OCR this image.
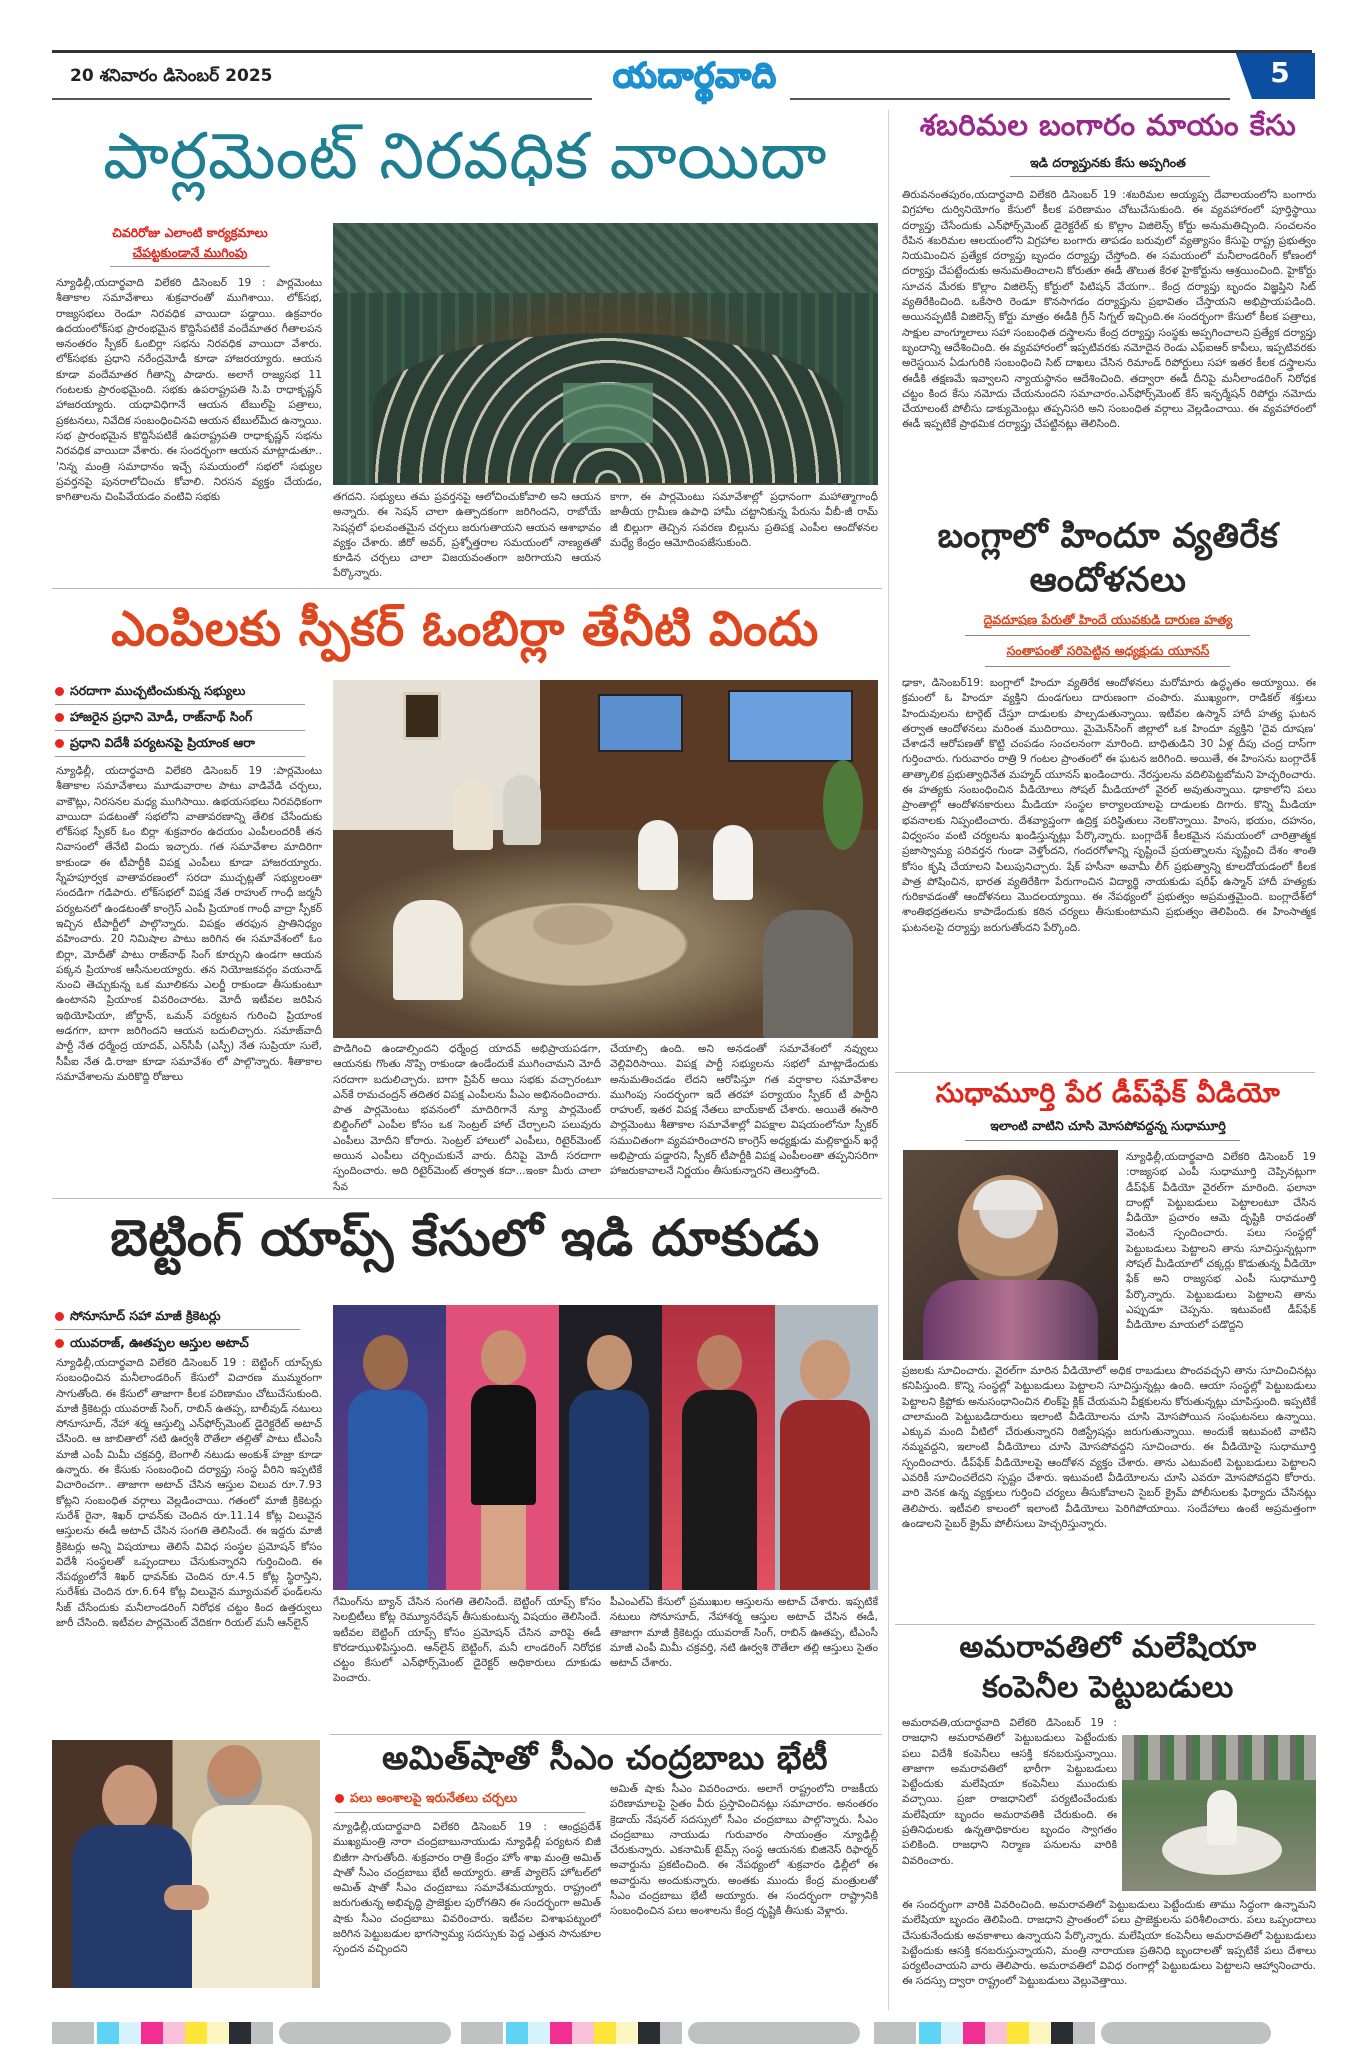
20 శనివారం డిసెంబర్ 2025	యదార్థవాది	5
పార్లమెంట్ నిరవధిక వాయిదా
చివరిరోజు ఎలాంటి కార్యక్రమాలు
చేపట్టకుండానే ముగింపు
న్యూఢిల్లీ,యదార్థవాది విలేకరి డిసెంబర్ 19 : పార్లమెంటు శీతాకాల సమావేశాలు శుక్రవారంతో ముగిశాయి. లోక్‌సభ, రాజ్యసభలు రెండూ నిరవధిక వాయిదా పడ్డాయి. ఉక్రవారం ఉదయంలోక్‌సభ ప్రారంభమైన కొద్దిసేపటికే వందేమాతర గీతాలపన అనంతరం స్పీకర్ ఓంబిర్లా సభను నిరవధిక వాయిదా వేశారు. లోక్‌సభకు ప్రధాని నరేంద్రమోడీ కూడా హాజరయ్యారు. ఆయన కూడా వందేమాతర గీతాన్ని పాడారు. అలాగే రాజ్యసభ 11 గంటలకు ప్రారంభమైంది. సభకు ఉపరాష్ట్రపతి సి.పి రాధాకృష్ణన్ హాజరయ్యారు. యధావిధిగానే ఆయన టేబుల్‌పై పత్రాలు, ప్రకటనలు, నివేదిక సంబంధించినవి ఆయన టేబుల్‌మీద ఉన్నాయి. సభ ప్రారంభమైన కొద్దిసేపటికే ఉపరాష్ట్రపతి రాధాకృష్ణన్ సభను నిరవధిక వాయిదా వేశారు. ఈ సందర్భంగా ఆయన మాట్లాడుతూ.. 'నిన్న మంత్రి సమాధానం ఇచ్చే సమయంలో సభలో సభ్యుల ప్రవర్తనపై పునరాలోచించు కోవాలి. నిరసన వ్యక్తం చేయడం, కాగితాలను చింపివేయడం వంటివి సభకు	తగదని. సభ్యులు తమ ప్రవర్తనపై ఆలోచించుకోవాలి అని ఆయన అన్నారు. ఈ సెషన్ చాలా ఉత్పాదకంగా జరిగిందని, రాబోయే సెషన్లలో ఫలవంతమైన చర్చలు జరుగుతాయని ఆయన ఆశాభావం వ్యక్తం చేశారు. జీరో అవర్, ప్రశ్నోత్తరాల సమయంలో నాణ్యతతో కూడిన చర్చలు చాలా విజయవంతంగా జరిగాయని ఆయన పేర్కొన్నారు.
కాగా, ఈ పార్లమెంటు సమావేశాల్లో ప్రధానంగా మహాత్మాగాంధీ జాతీయ గ్రామీణ ఉపాధి హామీ చట్టానికున్న పేరును వీబీ-జీ రామ్ జీ బిల్లుగా తెచ్చిన సవరణ బిల్లును ప్రతిపక్ష ఎంపీల ఆందోళనల మధ్యే కేంద్రం ఆమోదింపజేసుకుంది.
శబరిమల బంగారం మాయం కేసు
ఇడి దర్యాప్తునకు కేసు అప్పగింత
తిరువనంతపురం,యదార్థవాది విలేకరి డిసెంబర్ 19 :శబరిమల అయ్యప్ప దేవాలయంలోని బంగారు విగ్రహాల దుర్వినియోగం కేసులో కీలక పరిణామం చోటుచేసుకుంది. ఈ వ్యవహారంలో పూర్తిస్థాయి దర్యాప్తు చేసేందుకు ఎన్‌ఫోర్స్‌మెంట్ డైరెక్టరేట్ కు కొల్లాం విజిలెన్స్ కోర్టు అనుమతిచ్చింది. సంచలనం రేపిన శబరిమల ఆలయంలోని విగ్రహాల బంగారు తాపడం బరువులో వ్యత్యాసం కేసుపై రాష్ట్ర ప్రభుత్వం నియమించిన ప్రత్యేక దర్యాప్తు బృందం దర్యాప్తు చేస్తోంది. ఈ సమయంలో మనీలాండరింగ్ కోణంలో దర్యాప్తు చేపట్టేందుకు అనుమతించాలని కోరుతూ ఈడీ తొలుత కేరళ హైకోర్టును ఆశ్రయించింది. హైకోర్టు సూచన మేరకు కొల్లాం విజిలెన్స్ కోర్టులో పిటిషన్ వేయగా.. కేంద్ర దర్యాప్తు బృందం విజ్ఞప్తిని సిట్ వ్యతిరేకించింది. ఒకేసారి రెండూ కొనసాగడం దర్యాప్తును ప్రభావితం చేస్తాయని అభిప్రాయపడింది. అయినప్పటికీ విజిలెన్స్ కోర్టు మాత్రం ఈడీకి గ్రీన్ సిగ్నల్ ఇచ్చింది.ఈ సందర్భంగా కేసులో కీలక పత్రాలు, సాక్షుల వాంగ్మూలాలు సహా సంబంధిత దస్త్రాలను కేంద్ర దర్యాప్తు సంస్థకు అప్పగించాలని ప్రత్యేక దర్యాప్తు బృందాన్ని ఆదేశించింది. ఈ వ్యవహారంలో ఇప్పటివరకు నమోదైన రెండు ఎఫ్ఐఆర్ కాపీలు, ఇప్పటివరకు అరెస్టయిన ఏడుగురికి సంబంధించి సిట్ దాఖలు చేసిన రిమాండ్ రిపోర్టులు సహా ఇతర కీలక దస్త్రాలను ఈడీకి తక్షణమే ఇవ్వాలని న్యాయస్థానం ఆదేశించింది. తద్వారా ఈడీ దీనిపై మనీలాండరింగ్ నిరోధక చట్టం కింద కేసు నమోదు చేయనుందని సమాచారం.ఎన్‌ఫోర్స్‌మెంట్ కేస్ ఇన్ఫర్మేషన్ రిపోర్టు నమోదు చేయాలంటే పోలీసు డాక్యుమెంట్లు తప్పనిసరి అని సంబంధిత వర్గాలు వెల్లడించాయి. ఈ వ్యవహారంలో ఈడీ ఇప్పటికే ప్రాథమిక దర్యాప్తు చేపట్టినట్లు తెలిసింది.
ఎంపిలకు స్పీకర్ ఓంబిర్లా తేనీటి విందు
సరదాగా ముచ్చటించుకున్న సభ్యులు
హాజరైన ప్రధాని మోడీ, రాజ్‌నాథ్ సింగ్
ప్రధాని విదేశీ పర్యటనపై ప్రియాంక ఆరా
న్యూఢిల్లీ, యదార్థవాది విలేకరి డిసెంబర్ 19 :పార్లమెంటు శీతాకాల సమావేశాలు మూడువారాల పాటు వాడివేడి చర్చలు, వాకౌట్లు, నిరసనల మధ్య ముగిసాయి. ఉభయసభలు నిరవధికంగా వాయిదా పడటంతో సభలోని వాతావరణాన్ని తేలిక చేసేందుకు లోక్‌సభ స్పీకర్ ఓం బిర్లా శుక్రవారం ఉదయం ఎంపీలందరికీ తన నివాసంలో తేనేటి విందు ఇచ్చారు. గత సమావేశాల మాదిరిగా కాకుండా ఈ టీపార్టీకి విపక్ష ఎంపీలు కూడా హాజరయ్యారు. స్నేహపూర్వక వాతావరణంలో సరదా ముచ్చట్లతో సభ్యులంతా సందడిగా గడిపారు. లోక్‌సభలో విపక్ష నేత రాహుల్ గాంధీ జర్మనీ పర్యటనలో ఉండటంతో కాంగ్రెస్ ఎంపీ ప్రియాంక గాంధీ వాద్రా స్పీకర్ ఇచ్చిన టీపార్టీలో పాల్గొన్నారు. విపక్షం తరఫున ప్రాతినిధ్యం వహించారు. 20 నిమిషాల పాటు జరిగిన ఈ సమావేశంలో ఓం బిర్లా, మోదీతో పాటు రాజ్‌నాథ్ సింగ్ కూర్చుని ఉండగా ఆయన పక్కన ప్రియాంక ఆసీనులయ్యారు. తన నియోజకవర్గం వయనాడ్ నుంచి తెచ్చుకున్న ఒక మూలికను ఎలర్జీ రాకుండా తీసుకుంటూ ఉంటానని ప్రియాంక వివరించారట. మోదీ ఇటీవల జరిపిన ఇథియోపియా, జోర్డాన్, ఒమన్ పర్యటన గురించి ప్రియాంక అడగగా, బాగా జరిగిందని ఆయన బదులిచ్చారు. సమాజ్‌వాదీ పార్టీ నేత ధర్మేంద్ర యాదవ్, ఎన్‌సీపీ (ఎస్పీ) నేత సుప్రియా సులే, సీపీఐ నేత డి.రాజా కూడా సమావేశం లో పాల్గొన్నారు. శీతాకాల సమావేశాలను మరికొద్ది రోజులు
పొడిగించి ఉండాల్సిందని ధర్మేంద్ర యాదవ్ అభిప్రాయపడగా, ఆయనకు గొంతు నొప్పి రాకుండా ఉండేందుకే ముగించామని మోదీ సరదాగా బదులిచ్చారు. బాగా ప్రిపేర్ అయి సభకు వచ్చారంటూ ఎన్‌కే రామచంద్రన్ తదితర విపక్ష ఎంపీలను పీఎం అభినందించారు. పాత పార్లమెంటు భవనంలో మాదిరిగానే న్యూ పార్లమెంట్ బిల్డింగ్‌లో ఎంపీల కోసం ఒక సెంట్రల్ హాల్ చేర్చాలని పలువురు ఎంపీలు మోదీని కోరారు. సెంట్రల్ హాలులో ఎంపీలు, రిటైర్‌మెంట్ అయిన ఎంపీలు చర్చించుకునే వారు. దీనిపై మోదీ సరదాగా స్పందించారు. అది రిటైర్‌మెంట్ తర్వాత కదా...ఇంకా మీరు చాలా సేవ
చేయాల్సి ఉంది. అని అనడంతో సమావేశంలో నవ్వులు వెల్లివిరిసాయి. విపక్ష పార్టీ సభ్యులను సభలో మాట్లాడేందుకు అనుమతించడం లేదని ఆరోపిస్తూ గత వర్షాకాల సమావేశాల ముగింపు సందర్భంగా ఇదే తరహా పర్యాయం స్పీకర్ టీ పార్టీని రాహుల్, ఇతర విపక్ష నేతలు బాయ్‌కాట్ చేశారు. అయితే ఈసారి పార్లమెంటు శీతాకాల సమావేశాల్లో విపక్షాల విషయంలోనూ స్పీకర్ సముచితంగా వ్యవహరించారని కాంగ్రెస్ అధ్యక్షుడు మల్లికార్జున్ ఖర్గే అభిప్రాయ పడ్డారని, స్పీకర్ టీపార్టీకి విపక్ష ఎంపీలంతా తప్పనిసరిగా హాజరుకావాలనే నిర్ణయం తీసుకున్నారని తెలుస్తోంది.
బంగ్లాలో హిందూ వ్యతిరేక
ఆందోళనలు
దైవదూషణ పేరుతో హిందే యువకుడి దారుణ హత్య
సంతాపంతో సరిపెట్టిన అధ్యక్షుడు యూనస్
ఢాకా, డిసెంబర్19: బంగ్లాలో హిందూ వ్యతిరేక ఆందోళనలు మరోమారు ఉద్ధృతం అయ్యాయి. ఈ క్రమంలో ఓ హిందూ వ్యక్తిని దుండగులు దారుణంగా చంపారు. ముఖ్యంగా, రాడికల్ శక్తులు హిందువులను టార్గెట్ చేస్తూ దాడులకు పాల్పడుతున్నాయి. ఇటీవల ఉస్మాన్ హాదీ హత్య ఘటన తర్వాత ఆందోళనలు మరింత ముదిరాయి. మైమెన్‌సింగ్ జిల్లాలో ఒక హిందూ వ్యక్తిని 'దైవ దూషణ' చేశాడనే ఆరోపణతో కొట్టి చంపడం సంచలనంగా మారింది. బాధితుడిని 30 ఏళ్ల దీపు చంద్ర దాస్‌గా గుర్తించారు. గురువారం రాత్రి 9 గంటల ప్రాంతంలో ఈ ఘటన జరిగింది. అయితే, ఈ హింసను బంగ్లాదేశ్ తాత్కాలిక ప్రభుత్వాధినేత మహ్మద్ యూనస్ ఖండించారు. నేరస్తులను వదిలిపెట్టబోమని హెచ్చరించారు. ఈ హత్యకు సంబంధించిన వీడియోలు సోషల్ మీడియాలో వైరల్ అవుతున్నాయి. ఢాకాలోని పలు ప్రాంతాల్లో ఆందోళనకారులు మీడియా సంస్థల కార్యాలయాలపై దాడులకు దిగారు. కొన్ని మీడియా భవనాలకు నిప్పంటించారు. దేశవ్యాప్తంగా ఉద్రిక్త పరిస్థితులు నెలకొన్నాయి. హింస, భయం, దహనం, విధ్వంసం వంటి చర్యలను ఖండిస్తున్నట్లు పేర్కొన్నారు. బంగ్లాదేశ్ కీలకమైన సమయంలో చారిత్రాత్మక ప్రజాస్వామ్య పరివర్తన గుండా వెళ్తోందని, గందరగోళాన్ని సృష్టించే ప్రయత్నాలను సృష్టించి దేశం శాంతి కోసం కృషి చేయాలని పిలుపునిచ్చారు. షేక్ హసీనా అవామీ లీగ్ ప్రభుత్వాన్ని కూలదోయడంలో కీలక పాత్ర పోషించిన, భారత వ్యతిరేకిగా పేరుగాంచిన విద్యార్థి నాయకుడు షరీఫ్ ఉస్మాన్ హాదీ హత్యకు గురికావడంతో ఆందోళనలు మొదలయ్యాయి. ఈ నేపథ్యంలో ప్రభుత్వం అప్రమత్తమైంది. బంగ్లాదేశ్‌లో శాంతిభద్రతలను కాపాడేందుకు కఠిన చర్యలు తీసుకుంటామని ప్రభుత్వం తెలిపింది. ఈ హింసాత్మక ఘటనలపై దర్యాప్తు జరుగుతోందని పేర్కొంది.
సుధామూర్తి పేర డీప్‌ఫేక్ వీడియో
ఇలాంటి వాటిని చూసి మోసపోవద్దన్న సుధామూర్తి
న్యూఢిల్లీ,యదార్థవాది విలేకరి డిసెంబర్ 19 :రాజ్యసభ ఎంపీ సుధామూర్తి చెప్పినట్లుగా డీప్‌ఫేక్ వీడియో వైరల్‌గా మారింది. ఫలానా దాంట్లో పెట్టుబడులు పెట్టాలంటూ చేసిన వీడియో ప్రచారం ఆమె దృష్టికి రావడంతో వెంటనే స్పందించారు. పలు సంస్థల్లో పెట్టుబడులు పెట్టాలని తాను సూచిస్తున్నట్లుగా సోషల్ మీడియాలో చక్కర్లు కొడుతున్న వీడియో ఫేక్ అని రాజ్యసభ ఎంపీ సుధామూర్తి పేర్కొన్నారు. పెట్టుబడులు పెట్టాలని తాను ఎప్పుడూ చెప్పను. ఇటువంటి డీప్‌ఫేక్ వీడియోల మాయలో పడొద్దని
ప్రజలకు సూచించారు. వైరల్‌గా మారిన వీడియోలో అధిక రాబడులు పొందవచ్చని తాను సూచించినట్లు కనిపిస్తుంది. కొన్ని సంస్థల్లో పెట్టుబడులు పెట్టాలని సూచిస్తున్నట్లు ఉంది. ఆయా సంస్థల్లో పెట్టుబడులు పెట్టాలని క్రిప్టోకు అనుసంధానించిన లింక్‌పై క్లిక్ చేయమని వీక్షకులను కోరుతున్నట్లు చూపిస్తుంది. ఇప్పటికే చాలామంది పెట్టుబడిదారులు ఇలాంటి వీడియోలను చూసి మోసపోయిన సంఘటనలు ఉన్నాయి. ఎక్కువ మంది వీటిలో చేరుతున్నారని రిజిస్ట్రేషన్లు జరుగుతున్నాయి. అందుకే ఇటువంటి వాటిని నమ్మవద్దని, ఇలాంటి వీడియోలు చూసి మోసపోవద్దని సూచించారు. ఈ వీడియోపై సుధామూర్తి స్పందించారు. డీప్‌ఫేక్ వీడియోలపై ఆందోళన వ్యక్తం చేశారు. తాను ఎటువంటి పెట్టుబడులు పెట్టాలని ఎవరికీ సూచించలేదని స్పష్టం చేశారు. ఇటువంటి వీడియోలను చూసి ఎవరూ మోసపోవద్దని కోరారు. వారి వెనక ఉన్న వ్యక్తులు గుర్తించి చర్యలు తీసుకోవాలని సైబర్ క్రైమ్ పోలీసులకు ఫిర్యాదు చేసినట్లు తెలిపారు. ఇటీవలి కాలంలో ఇలాంటి వీడియోలు పెరిగిపోయాయి. సందేహాలు ఉంటే అప్రమత్తంగా ఉండాలని సైబర్ క్రైమ్ పోలీసులు హెచ్చరిస్తున్నారు.
బెట్టింగ్ యాప్స్ కేసులో ఇడి దూకుడు
సోనూసూద్ సహా మాజీ క్రికెటర్లు
యువరాజ్, ఊతప్పల ఆస్తుల అటాచ్
న్యూఢిల్లీ,యదార్థవాది విలేకరి డిసెంబర్ 19 : బెట్టింగ్ యాప్స్‌కు సంబంధించిన మనీలాండరింగ్ కేసులో విచారణ ముమ్మరంగా సాగుతోంది. ఈ కేసులో తాజాగా కీలక పరిణామం చోటుచేసుకుంది. మాజీ క్రికెటర్లు యువరాజ్ సింగ్, రాబిన్ ఉతప్ప, బాలీవుడ్ నటులు సోనూసూద్, నేహా శర్మ ఆస్తుల్ని ఎన్‌ఫోర్స్‌మెంట్ డైరెక్టరేట్ అటాచ్ చేసింది. ఆ జాబితాలో నటి ఊర్వశీ రౌతేలా తల్లితో పాటు టీఎంసీ మాజీ ఎంపీ మిమీ చక్రవర్తి, బెంగాలీ నటుడు అంకుశ్ హజ్రా కూడా ఉన్నారు. ఈ కేసుకు సంబంధించి దర్యాప్తు సంస్థ వీరిని ఇప్పటికే విచారించగా.. తాజాగా అటాచ్ చేసిన ఆస్తుల విలువ రూ.7.93 కోట్లని సంబంధిత వర్గాలు వెల్లడించాయి. గతంలో మాజీ క్రికెటర్లు సురేశ్ రైనా, శిఖర్ ధావన్‌కు చెందిన రూ.11.14 కోట్ల విలువైన ఆస్తులను ఈడీ అటాచ్ చేసిన సంగతి తెలిసిందే. ఈ ఇద్దరు మాజీ క్రికెటర్లు అన్ని విషయాలు తెలిసే వివిధ సంస్థల ప్రమోషన్ కోసం విదేశీ సంస్థలతో ఒప్పందాలు చేసుకున్నారని గుర్తించింది. ఈ నేపథ్యంలోనే శిఖర్ ధావన్‌కు చెందిన రూ.4.5 కోట్ల స్థిరాస్తిని, సురేశ్‌కు చెందిన రూ.6.64 కోట్ల విలువైన మ్యూచువల్ ఫండ్‌లను సీజ్ చేసేందుకు మనీలాండరింగ్ నిరోధక చట్టం కింద ఉత్తర్వులు జారీ చేసింది. ఇటీవల పార్లమెంట్ వేదికగా రియల్ మనీ ఆన్‌లైన్
గేమింగ్‌ను బ్యాన్ చేసిన సంగతి తెలిసిందే. బెట్టింగ్ యాప్స్ కోసం సెలబ్రిటీలు కోట్ల రెమ్యూనరేషన్ తీసుకుంటున్న విషయం తెలిసిందే. ఇటీవల బెట్టింగ్ యాప్స్ కోసం ప్రమోషన్ చేసిన వారిపై ఈడీ కొరడాఝుళిపిస్తుంది. ఆన్‌లైన్ బెట్టింగ్, మనీ లాండరింగ్ నిరోధక చట్టం కేసులో ఎన్‌ఫోర్స్‌మెంట్ డైరెక్టర్ అధికారులు దూకుడు పెంచారు.
పీఎంఎల్ఏ కేసులో ప్రముఖుల ఆస్తులను అటాచ్ చేశారు. ఇప్పటికే నటులు సోనూసూద్, నేహాశర్మ ఆస్తుల అటాచ్ చేసిన ఈడీ, తాజాగా మాజీ క్రికెటర్లు యువరాజ్ సింగ్, రాబిన్ ఊతప్ప, టీఎంసీ మాజీ ఎంపీ మిమీ చక్రవర్తి, నటి ఊర్వశి రౌతేలా తల్లి ఆస్తులు సైతం అటాచ్ చేశారు.
అమిత్‌షాతో సీఎం చంద్రబాబు భేటీ
పలు అంశాలపై ఇరునేతలు చర్చలు
న్యూఢిల్లీ,యదార్థవాది విలేకరి డిసెంబర్ 19 : ఆంధ్రప్రదేశ్ ముఖ్యమంత్రి నారా చంద్రబాబునాయుడు న్యూఢిల్లీ పర్యటన బిజీ బిజీగా సాగుతోంది. శుక్రవారం రాత్రి కేంద్రం హోం శాఖ మంత్రి అమిత్ షాతో సీఎం చంద్రబాబు భేటీ అయ్యారు. తాజ్ ప్యాలెస్ హోటల్‌లో అమిత్ షాతో సీఎం చంద్రబాబు సమావేశమయ్యారు. రాష్ట్రంలో జరుగుతున్న అభివృద్ధి ప్రాజెక్టుల పురోగతిని ఈ సందర్భంగా అమిత్ షాకు సీఎం చంద్రబాబు వివరించారు. ఇటీవల విశాఖపట్నంలో జరిగిన పెట్టుబడుల భాగస్వామ్య సదస్సుకు పెద్ద ఎత్తున సానుకూల స్పందన వచ్చిందని
అమిత్ షాకు సీఎం వివరించారు. అలాగే రాష్ట్రంలోని రాజకీయ పరిణామాలపై సైతం వీరు ప్రస్తావించినట్లు సమాచారం. అనంతరం క్రెడాయ్ నేషనల్ సదస్సులో సీఎం చంద్రబాబు పాల్గొన్నారు. సీఎం చంద్రబాబు నాయుడు గురువారం సాయంత్రం న్యూఢిల్లీ చేరుకున్నారు. ఎకనామిక్ టైమ్స్ సంస్థ ఆయనకు బిజినెస్ రిఫార్మర్ అవార్డును ప్రకటించింది. ఈ నేపథ్యంలో శుక్రవారం ఢిల్లీలో ఈ అవార్డును అందుకున్నారు. అంతకు ముందు కేంద్ర మంత్రులతో సీఎం చంద్రబాబు భేటీ అయ్యారు. ఈ సందర్భంగా రాష్ట్రానికి సంబంధించిన పలు అంశాలను కేంద్ర దృష్టికి తీసుకు వెళ్లారు.
అమరావతిలో మలేషియా
కంపెనీల పెట్టుబడులు
అమరావతి,యదార్థవాది విలేకరి డిసెంబర్ 19 : రాజధాని అమరావతిలో పెట్టుబడులు పెట్టేందుకు పలు విదేశీ కంపెనీలు ఆసక్తి కనబరుస్తున్నాయి. తాజాగా అమరావతిలో భారీగా పెట్టుబడులు పెట్టేందుకు మలేషియా కంపెనీలు ముందుకు వచ్చాయి. ప్రజా రాజధానిలో పర్యటించేందుకు మలేషియా బృందం అమరావతికి చేరుకుంది. ఈ ప్రతినిధులకు ఉన్నతాధికారుల బృందం స్వాగతం పలికింది. రాజధాని నిర్మాణ పనులను వారికి వివరించారు.
ఈ సందర్భంగా వారికి వివరించింది. అమరావతిలో పెట్టుబడులు పెట్టేందుకు తాము సిద్ధంగా ఉన్నామని మలేషియా బృందం తెలిపింది. రాజధాని ప్రాంతంలో పలు ప్రాజెక్టులను పరిశీలించారు. పలు ఒప్పందాలు చేసుకునేందుకు అవకాశాలు ఉన్నాయని పేర్కొన్నారు. మలేషియా కంపెనీలు అమరావతిలో పెట్టుబడులు పెట్టేందుకు ఆసక్తి కనబరుస్తున్నాయని, మంత్రి నారాయణ ప్రతినిధి బృందాలతో ఇప్పటికే పలు దేశాలు పర్యటించాయని వారు తెలిపారు. అమరావతిలో వివిధ రంగాల్లో పెట్టుబడులు పెట్టాలని ఆహ్వానించారు. ఈ సదస్సు ద్వారా రాష్ట్రంలో పెట్టుబడులు వెల్లువెత్తాయి.
